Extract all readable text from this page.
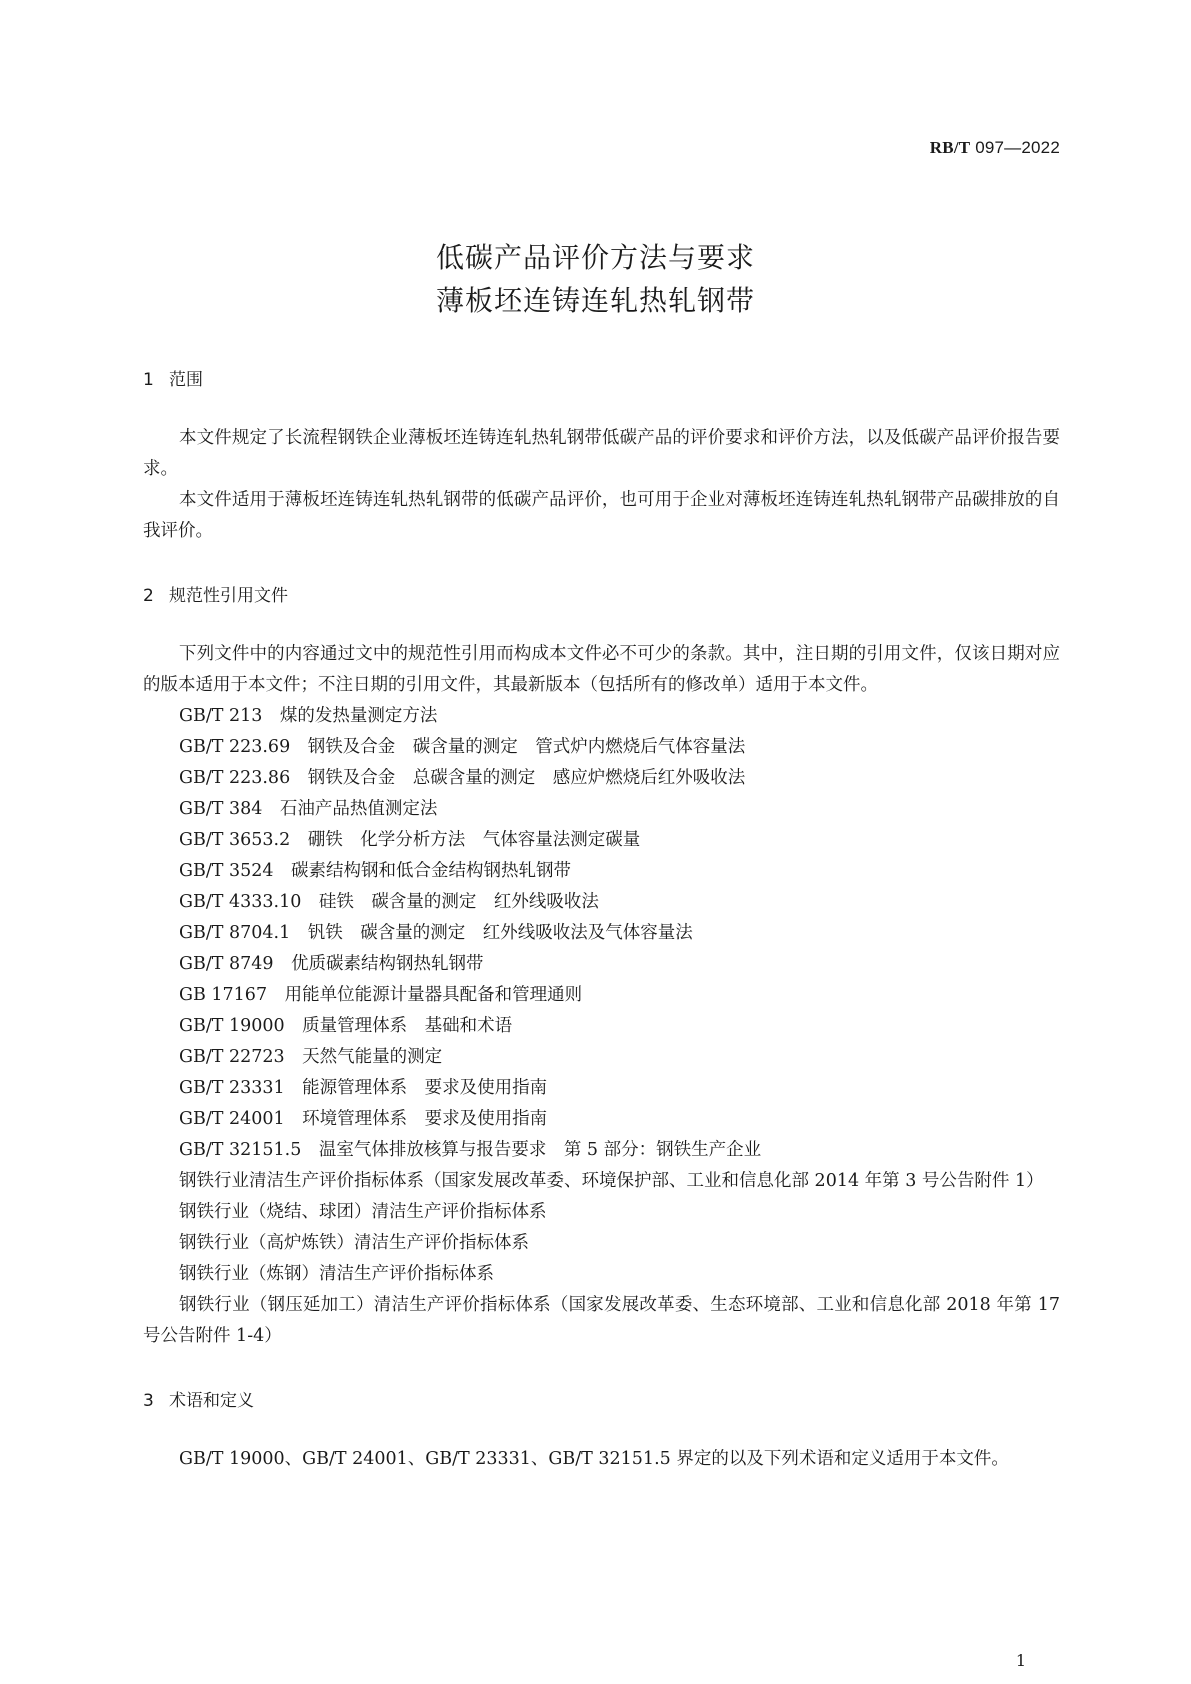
RB/T 097—2022
低碳产品评价方法与要求
薄板坯连铸连轧热轧钢带
1 范围

本文件规定了长流程钢铁企业薄板坯连铸连轧热轧钢带低碳产品的评价要求和评价方法，以及低碳产品评价报告要求。

本文件适用于薄板坯连铸连轧热轧钢带的低碳产品评价，也可用于企业对薄板坯连铸连轧热轧钢带产品碳排放的自我评价。

2 规范性引用文件

下列文件中的内容通过文中的规范性引用而构成本文件必不可少的条款。其中，注日期的引用文件，仅该日期对应的版本适用于本文件；不注日期的引用文件，其最新版本（包括所有的修改单）适用于本文件。

GB/T 213　煤的发热量测定方法

GB/T 223.69　钢铁及合金　碳含量的测定　管式炉内燃烧后气体容量法

GB/T 223.86　钢铁及合金　总碳含量的测定　感应炉燃烧后红外吸收法

GB/T 384　石油产品热值测定法

GB/T 3653.2　硼铁　化学分析方法　气体容量法测定碳量

GB/T 3524　碳素结构钢和低合金结构钢热轧钢带

GB/T 4333.10　硅铁　碳含量的测定　红外线吸收法

GB/T 8704.1　钒铁　碳含量的测定　红外线吸收法及气体容量法

GB/T 8749　优质碳素结构钢热轧钢带

GB 17167　用能单位能源计量器具配备和管理通则

GB/T 19000　质量管理体系　基础和术语

GB/T 22723　天然气能量的测定

GB/T 23331　能源管理体系　要求及使用指南

GB/T 24001　环境管理体系　要求及使用指南

GB/T 32151.5　温室气体排放核算与报告要求　第 5 部分：钢铁生产企业

钢铁行业清洁生产评价指标体系（国家发展改革委、环境保护部、工业和信息化部 2014 年第 3 号公告附件 1）

钢铁行业（烧结、球团）清洁生产评价指标体系

钢铁行业（高炉炼铁）清洁生产评价指标体系

钢铁行业（炼钢）清洁生产评价指标体系

钢铁行业（钢压延加工）清洁生产评价指标体系（国家发展改革委、生态环境部、工业和信息化部 2018 年第 17 号公告附件 1-4）

3 术语和定义

GB/T 19000、GB/T 24001、GB/T 23331、GB/T 32151.5 界定的以及下列术语和定义适用于本文件。

1
